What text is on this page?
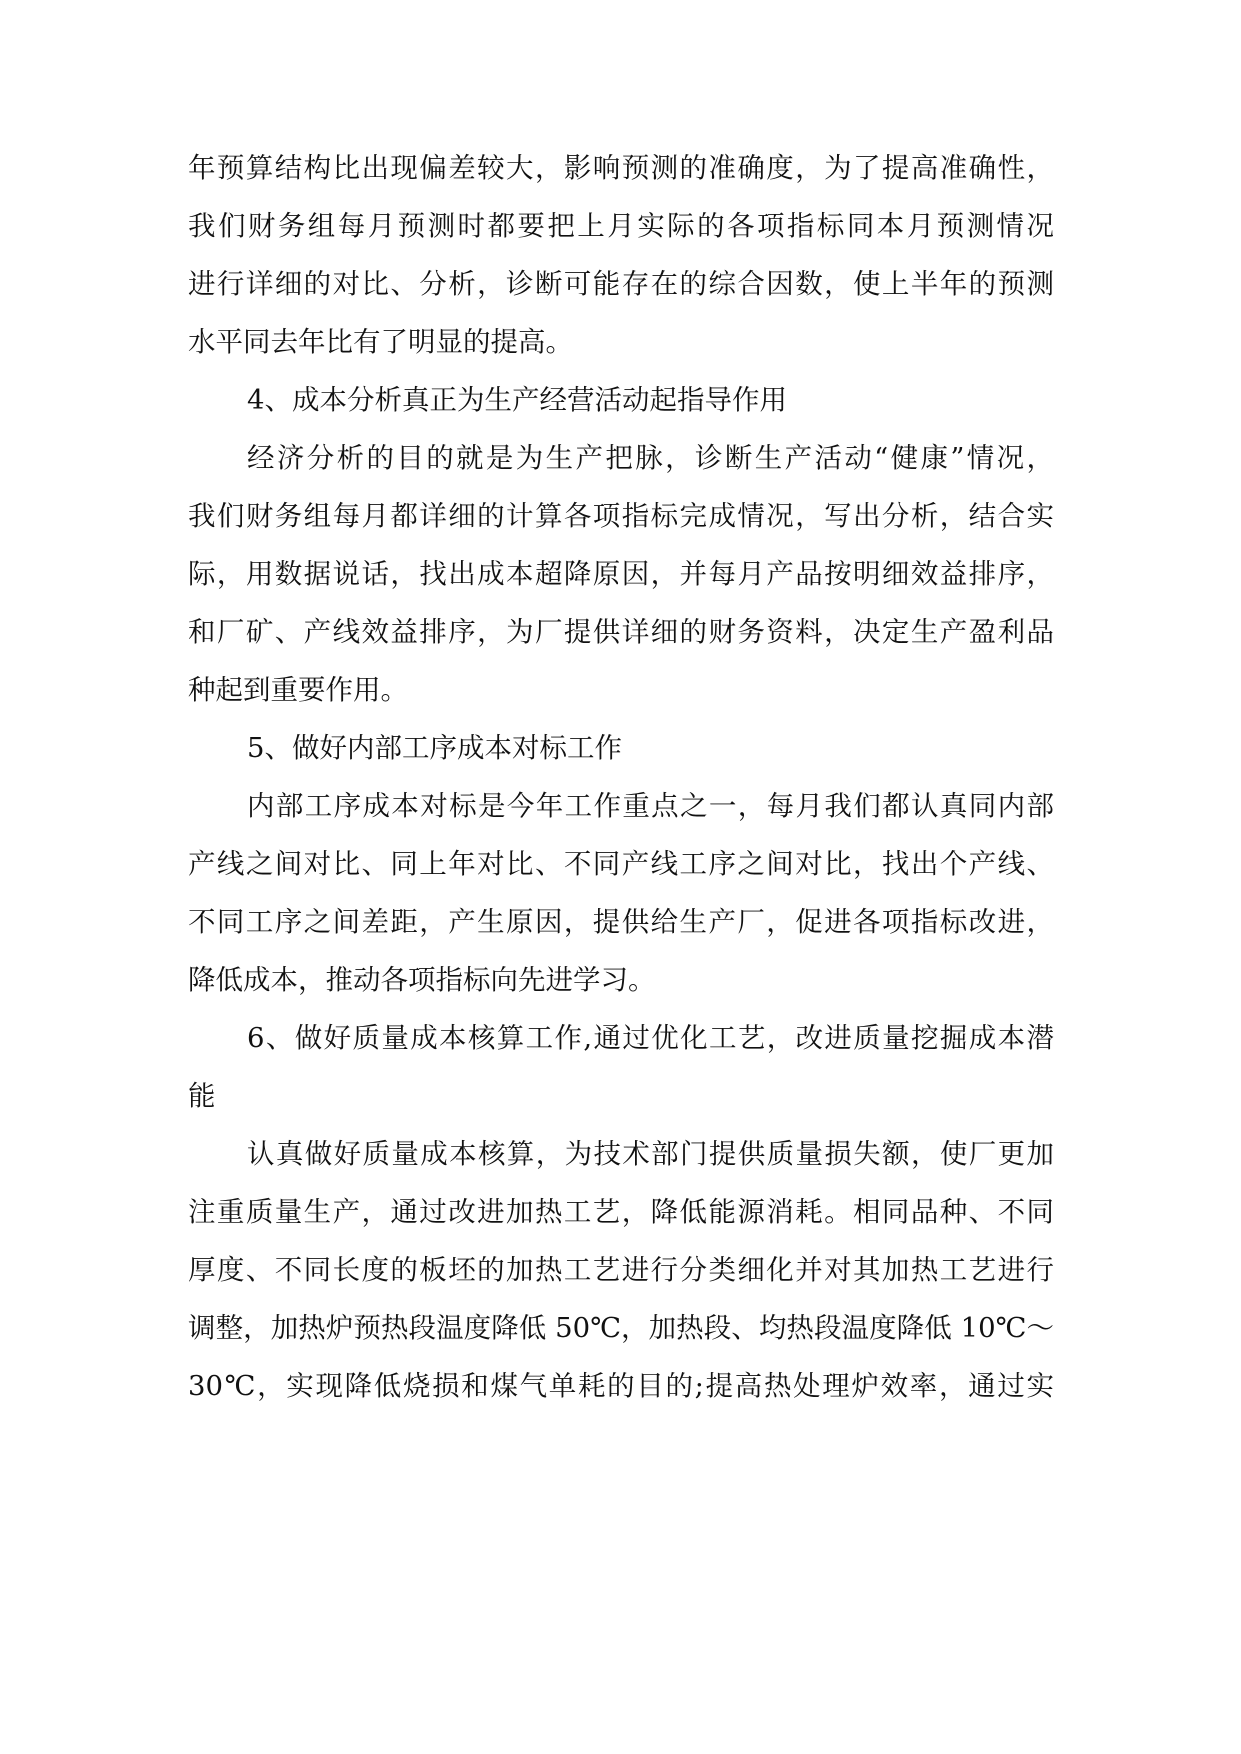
年预算结构比出现偏差较大，影响预测的准确度，为了提高准确性，
我们财务组每月预测时都要把上月实际的各项指标同本月预测情况
进行详细的对比、分析，诊断可能存在的综合因数，使上半年的预测
水平同去年比有了明显的提高。
4、成本分析真正为生产经营活动起指导作用
经济分析的目的就是为生产把脉，诊断生产活动“健康”情况，
我们财务组每月都详细的计算各项指标完成情况，写出分析，结合实
际，用数据说话，找出成本超降原因，并每月产品按明细效益排序，
和厂矿、产线效益排序，为厂提供详细的财务资料，决定生产盈利品
种起到重要作用。
5、做好内部工序成本对标工作
内部工序成本对标是今年工作重点之一，每月我们都认真同内部
产线之间对比、同上年对比、不同产线工序之间对比，找出个产线、
不同工序之间差距，产生原因，提供给生产厂，促进各项指标改进，
降低成本，推动各项指标向先进学习。
6、做好质量成本核算工作,通过优化工艺，改进质量挖掘成本潜
能
认真做好质量成本核算，为技术部门提供质量损失额，使厂更加
注重质量生产，通过改进加热工艺，降低能源消耗。相同品种、不同
厚度、不同长度的板坯的加热工艺进行分类细化并对其加热工艺进行
调整，加热炉预热段温度降低 50℃，加热段、均热段温度降低 10℃～
30℃，实现降低烧损和煤气单耗的目的;提高热处理炉效率，通过实
